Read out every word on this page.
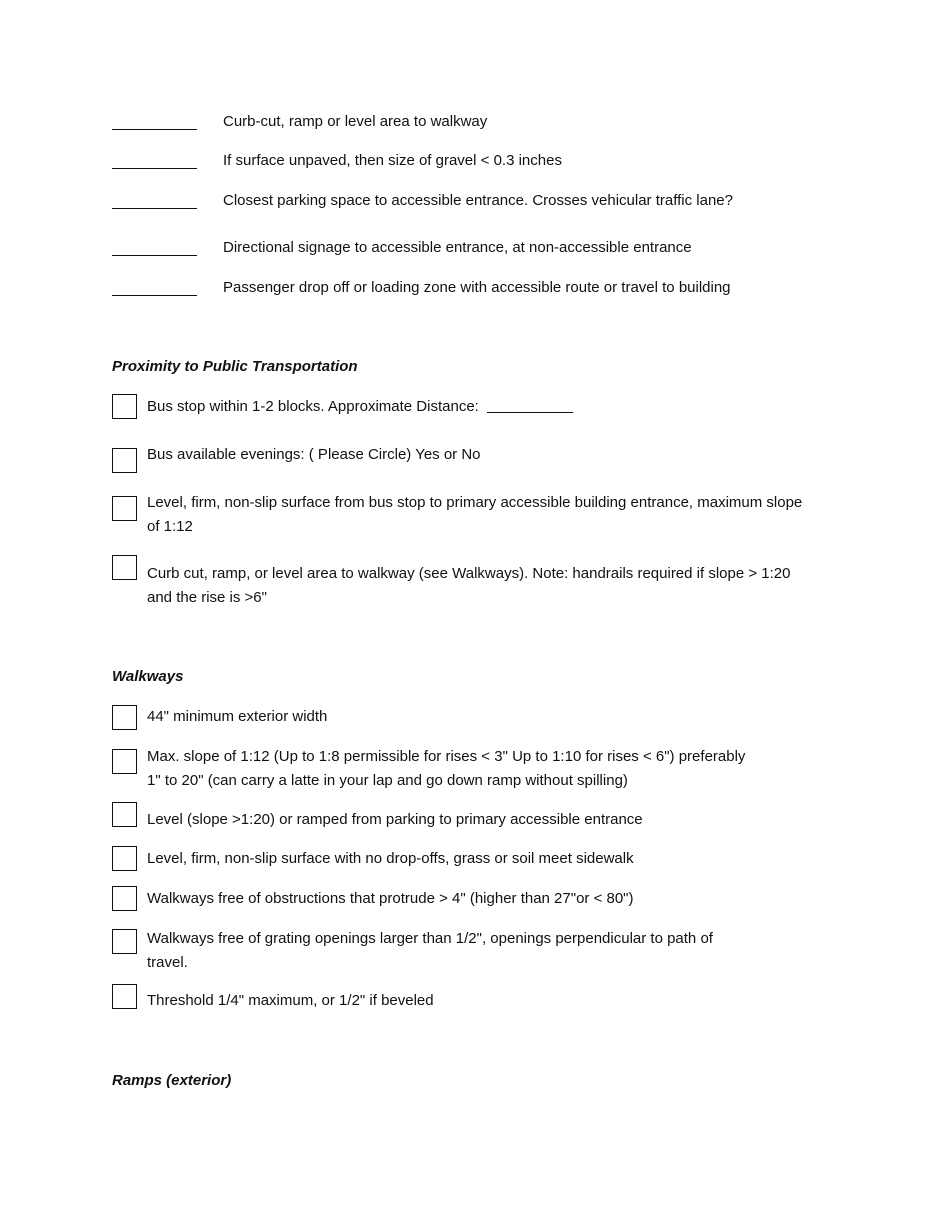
Curb-cut, ramp or level area to walkway
If surface unpaved, then size of gravel < 0.3 inches
Closest parking space to accessible entrance. Crosses vehicular traffic lane?
Directional signage to accessible entrance, at non-accessible entrance
Passenger drop off or loading zone with accessible route or travel to building
Proximity to Public Transportation
Bus stop within 1-2 blocks. Approximate Distance:
Bus available evenings: ( Please Circle) Yes or No
Level, firm, non-slip surface from bus stop to primary accessible building entrance, maximum slope
of 1:12
Curb cut, ramp, or level area to walkway (see Walkways). Note: handrails required if slope > 1:20
and the rise is >6"
Walkways
44" minimum exterior width
Max. slope of 1:12 (Up to 1:8 permissible for rises < 3" Up to 1:10 for rises < 6") preferably
1" to 20" (can carry a latte in your lap and go down ramp without spilling)
Level (slope >1:20) or ramped from parking to primary accessible entrance
Level, firm, non-slip surface with no drop-offs, grass or soil meet sidewalk
Walkways free of obstructions that protrude > 4" (higher than 27"or < 80")
Walkways free of grating openings larger than 1/2", openings perpendicular to path of
travel.
Threshold 1/4" maximum, or 1/2" if beveled
Ramps (exterior)
